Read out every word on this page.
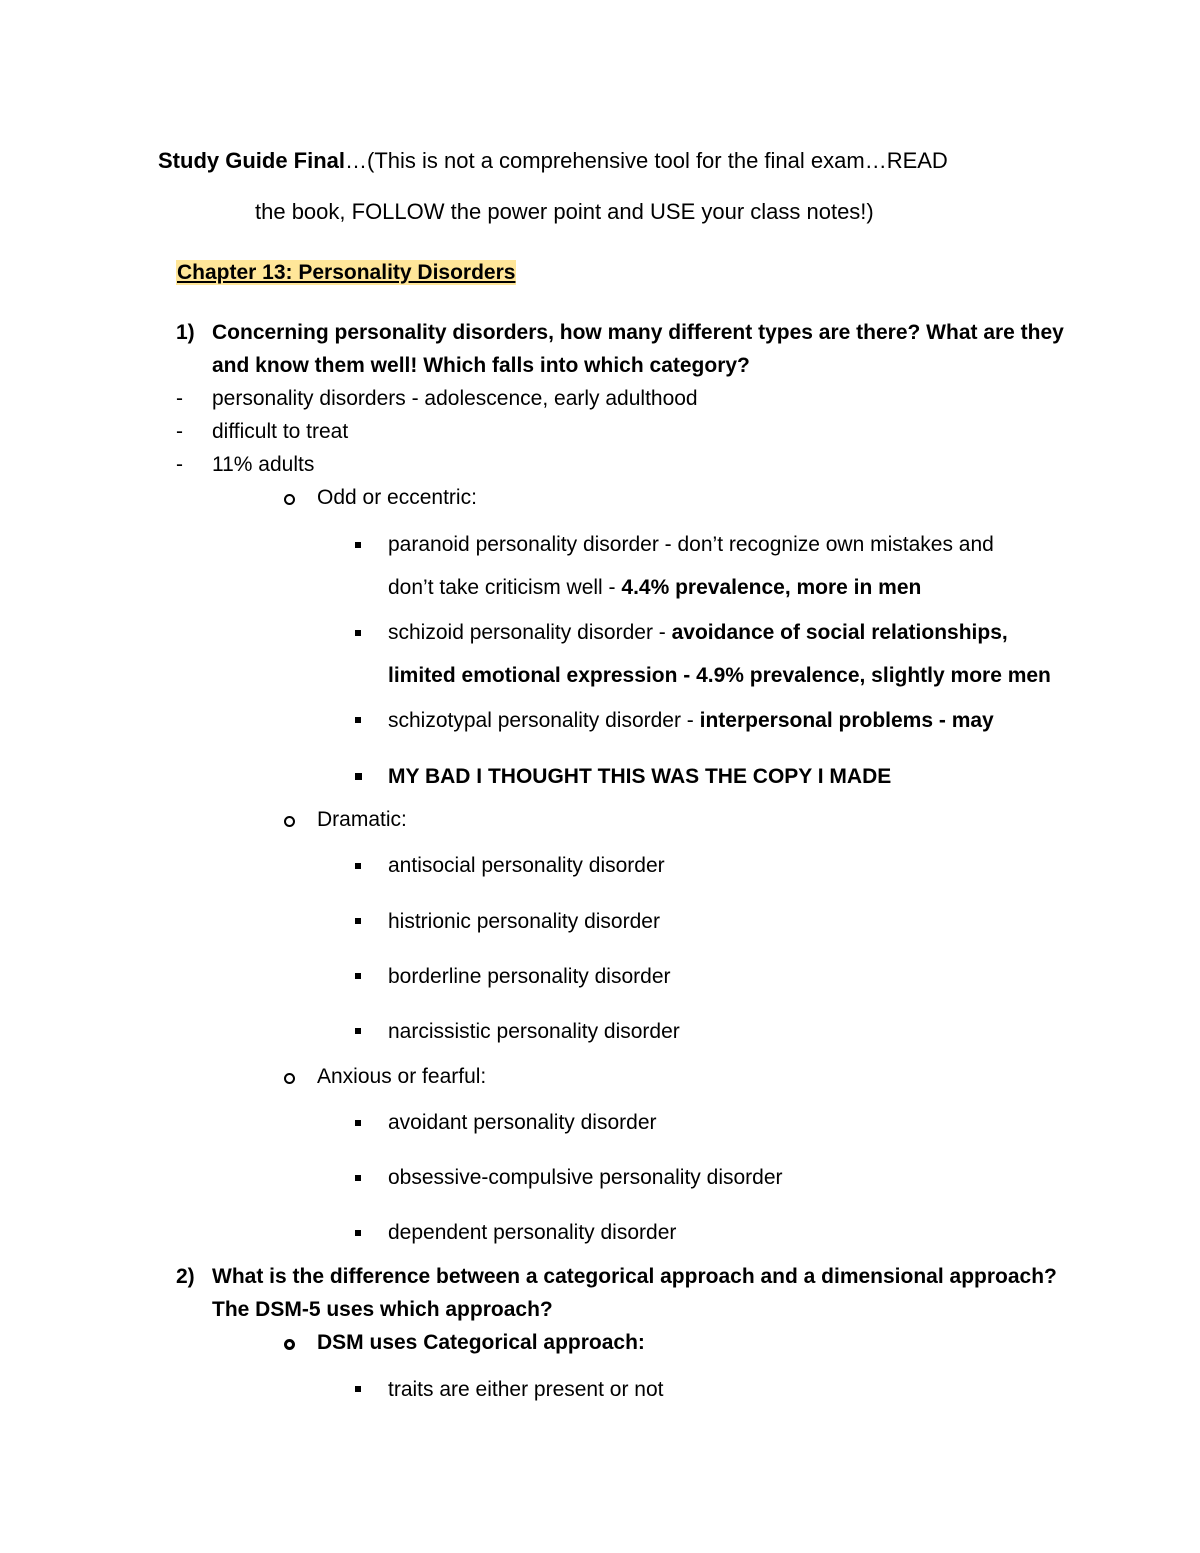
Study Guide Final…(This is not a comprehensive tool for the final exam…READ
the book, FOLLOW the power point and USE your class notes!)
Chapter 13: Personality Disorders
1) Concerning personality disorders, how many different types are there? What are they
and know them well! Which falls into which category?
- personality disorders - adolescence, early adulthood
- difficult to treat
- 11% adults
Odd or eccentric:
paranoid personality disorder - don’t recognize own mistakes and
don’t take criticism well - 4.4% prevalence, more in men
schizoid personality disorder - avoidance of social relationships,
limited emotional expression - 4.9% prevalence, slightly more men
schizotypal personality disorder - interpersonal problems - may
MY BAD I THOUGHT THIS WAS THE COPY I MADE
Dramatic:
antisocial personality disorder
histrionic personality disorder
borderline personality disorder
narcissistic personality disorder
Anxious or fearful:
avoidant personality disorder
obsessive-compulsive personality disorder
dependent personality disorder
2) What is the difference between a categorical approach and a dimensional approach?
The DSM-5 uses which approach?
DSM uses Categorical approach:
traits are either present or not
